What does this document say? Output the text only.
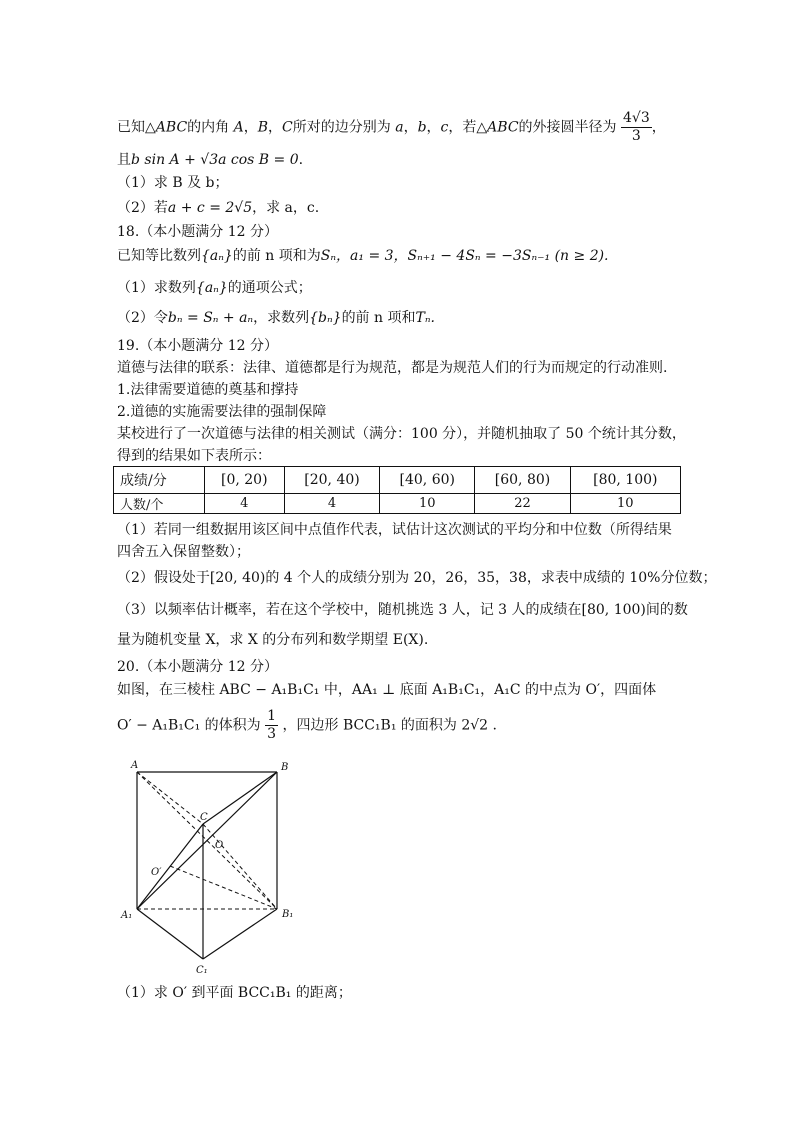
已知△ABC的内角 A，B，C所对的边分别为 a，b，c，若△ABC的外接圆半径为 $\frac{4√3}{3}$ ，
且b sin A + √3a cos B = 0.
（1）求 B 及 b；
（2）若a + c = 2√5，求 a，c.
18.（本小题满分 12 分）
已知等比数列{aₙ}的前 n 项和为Sₙ，a₁ = 3，Sₙ₊₁ − 4Sₙ = −3Sₙ₋₁ (n ≥ 2).
（1）求数列{aₙ}的通项公式；
（2）令bₙ = Sₙ + aₙ，求数列{bₙ}的前 n 项和Tₙ.
19.（本小题满分 12 分）
道德与法律的联系：法律、道德都是行为规范，都是为规范人们的行为而规定的行动准则.
1.法律需要道德的奠基和撑持
2.道德的实施需要法律的强制保障
某校进行了一次道德与法律的相关测试（满分：100 分），并随机抽取了 50 个统计其分数，
得到的结果如下表所示：
成绩/分	[0, 20)	[20, 40)	[40, 60)	[60, 80)	[80, 100)
人数/个	4	4	10	22	10
（1）若同一组数据用该区间中点值作代表，试估计这次测试的平均分和中位数（所得结果
四舍五入保留整数）；
（2）假设处于[20, 40)的 4 个人的成绩分别为 20，26，35，38，求表中成绩的 10%分位数；
（3）以频率估计概率，若在这个学校中，随机挑选 3 人，记 3 人的成绩在[80, 100)间的数
量为随机变量 X，求 X 的分布列和数学期望 E(X).
20.（本小题满分 12 分）
如图，在三棱柱 ABC − A₁B₁C₁ 中，AA₁ ⊥ 底面 A₁B₁C₁，A₁C 的中点为 O′，四面体
O′ − A₁B₁C₁ 的体积为 $\frac{1}{3}$ ，四边形 BCC₁B₁ 的面积为 2√2 .
A	B
C
O
O′
A₁	B₁
C₁
（1）求 O′ 到平面 BCC₁B₁ 的距离；
